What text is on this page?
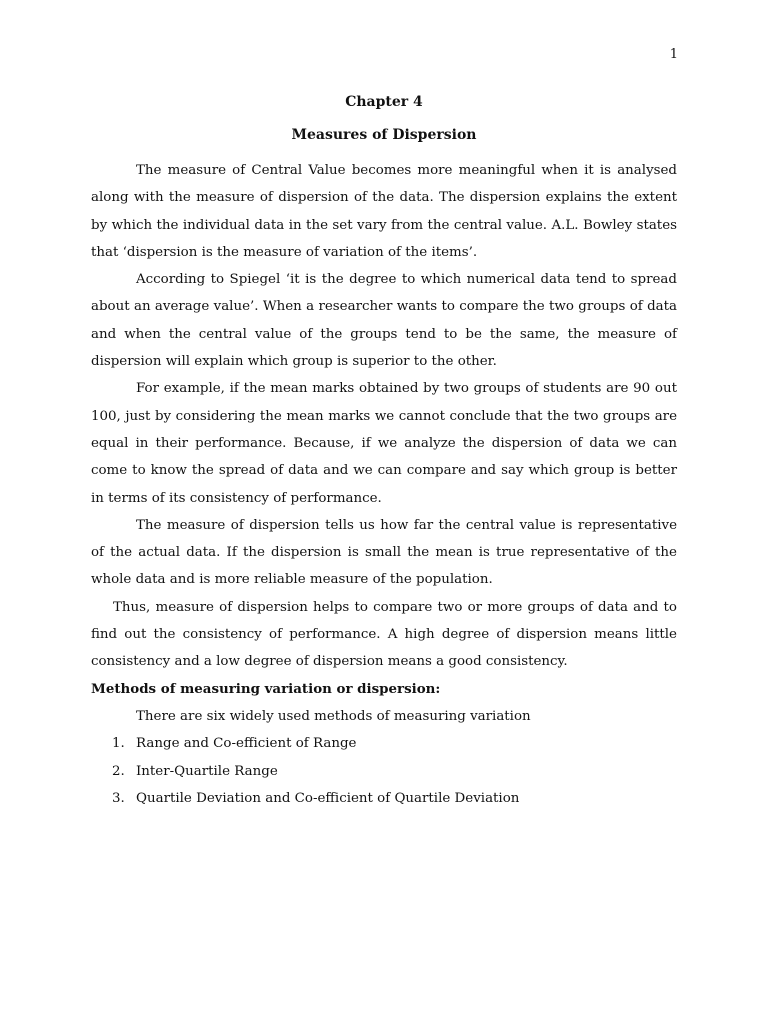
1
Chapter 4
Measures of Dispersion

The measure of Central Value becomes more meaningful when it is analysed along with the measure of dispersion of the data. The dispersion explains the extent by which the individual data in the set vary from the central value. A.L. Bowley states that ‘dispersion is the measure of variation of the items’.

According to Spiegel ‘it is the degree to which numerical data tend to spread about an average value’. When a researcher wants to compare the two groups of data and when the central value of the groups tend to be the same, the measure of dispersion will explain which group is superior to the other.

For example, if the mean marks obtained by two groups of students are 90 out 100, just by considering the mean marks we cannot conclude that the two groups are equal in their performance. Because, if we analyze the dispersion of data we can come to know the spread of data and we can compare and say which group is better in terms of its consistency of performance.

The measure of dispersion tells us how far the central value is representative of the actual data. If the dispersion is small the mean is true representative of the whole data and is more reliable measure of the population.

Thus, measure of dispersion helps to compare two or more groups of data and to find out the consistency of performance. A high degree of dispersion means little consistency and a low degree of dispersion means a good consistency.

Methods of measuring variation or dispersion:

There are six widely used methods of measuring variation

1. Range and Co-efficient of Range
2. Inter-Quartile Range
3. Quartile Deviation and Co-efficient of Quartile Deviation
